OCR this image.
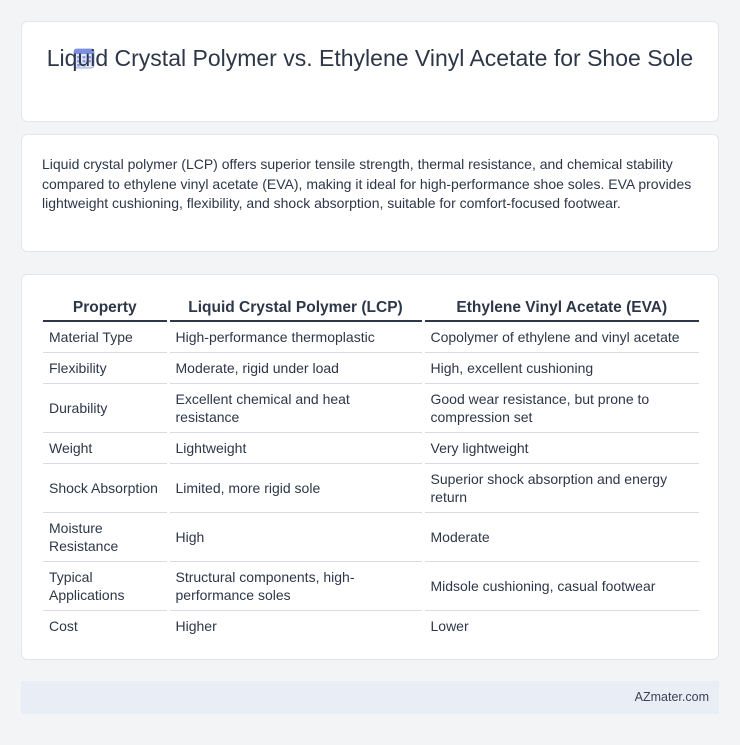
Liquid Crystal Polymer vs. Ethylene Vinyl Acetate for Shoe Sole
Liquid crystal polymer (LCP) offers superior tensile strength, thermal resistance, and chemical stability compared to ethylene vinyl acetate (EVA), making it ideal for high-performance shoe soles. EVA provides lightweight cushioning, flexibility, and shock absorption, suitable for comfort-focused footwear.
Property	Liquid Crystal Polymer (LCP)	Ethylene Vinyl Acetate (EVA)
Material Type	High-performance thermoplastic	Copolymer of ethylene and vinyl acetate
Flexibility	Moderate, rigid under load	High, excellent cushioning
Durability	Excellent chemical and heat resistance	Good wear resistance, but prone to compression set
Weight	Lightweight	Very lightweight
Shock Absorption	Limited, more rigid sole	Superior shock absorption and energy return
Moisture Resistance	High	Moderate
Typical Applications	Structural components, high-performance soles	Midsole cushioning, casual footwear
Cost	Higher	Lower
AZmater.com
